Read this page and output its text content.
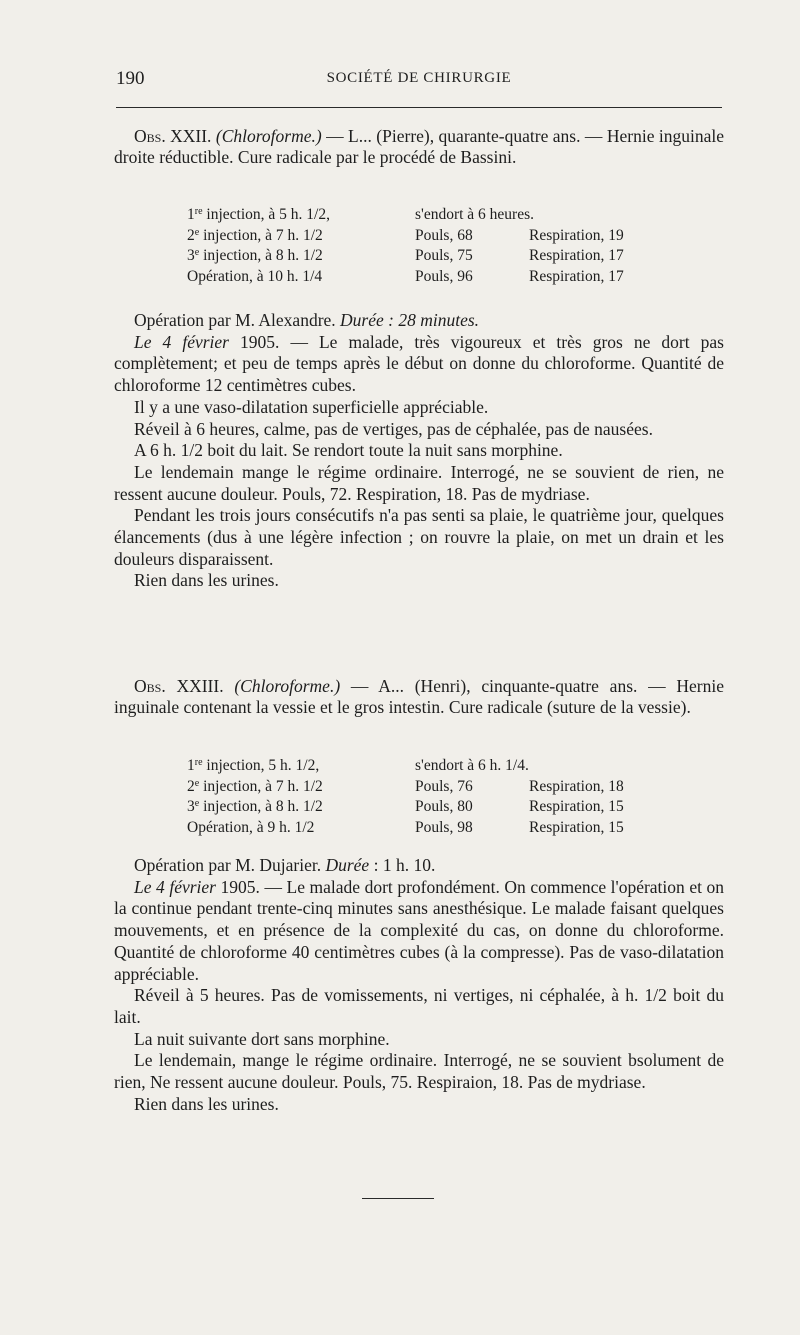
190	SOCIÉTÉ DE CHIRURGIE

Obs. XXII. (Chloroforme.) — L... (Pierre), quarante-quatre ans. — Hernie inguinale droite réductible. Cure radicale par le procédé de Bassini.

1re injection, à 5 h. 1/2,	s'endort à 6 heures.	
2e injection, à 7 h. 1/2	Pouls, 68	Respiration, 19
3e injection, à 8 h. 1/2	Pouls, 75	Respiration, 17
Opération, à 10 h. 1/4	Pouls, 96	Respiration, 17

Opération par M. Alexandre. Durée : 28 minutes.

Le 4 février 1905. — Le malade, très vigoureux et très gros ne dort pas complètement; et peu de temps après le début on donne du chloroforme. Quantité de chloroforme 12 centimètres cubes.

Il y a une vaso-dilatation superficielle appréciable.

Réveil à 6 heures, calme, pas de vertiges, pas de céphalée, pas de nausées.

A 6 h. 1/2 boit du lait. Se rendort toute la nuit sans morphine.

Le lendemain mange le régime ordinaire. Interrogé, ne se souvient de rien, ne ressent aucune douleur. Pouls, 72. Respiration, 18. Pas de mydriase.

Pendant les trois jours consécutifs n'a pas senti sa plaie, le quatrième jour, quelques élancements (dus à une légère infection ; on rouvre la plaie, on met un drain et les douleurs disparaissent.

Rien dans les urines.

Obs. XXIII. (Chloroforme.) — A... (Henri), cinquante-quatre ans. — Hernie inguinale contenant la vessie et le gros intestin. Cure radicale (suture de la vessie).

1re injection, 5 h. 1/2,	s'endort à 6 h. 1/4.	
2e injection, à 7 h. 1/2	Pouls, 76	Respiration, 18
3e injection, à 8 h. 1/2	Pouls, 80	Respiration, 15
Opération, à 9 h. 1/2	Pouls, 98	Respiration, 15

Opération par M. Dujarier. Durée : 1 h. 10.

Le 4 février 1905. — Le malade dort profondément. On commence l'opération et on la continue pendant trente-cinq minutes sans anesthésique. Le malade faisant quelques mouvements, et en présence de la complexité du cas, on donne du chloroforme. Quantité de chloroforme 40 centimètres cubes (à la compresse). Pas de vaso-dilatation appréciable.

Réveil à 5 heures. Pas de vomissements, ni vertiges, ni céphalée, à h. 1/2 boit du lait.

La nuit suivante dort sans morphine.

Le lendemain, mange le régime ordinaire. Interrogé, ne se souvient bsolument de rien, Ne ressent aucune douleur. Pouls, 75. Respiraion, 18. Pas de mydriase.

Rien dans les urines.
